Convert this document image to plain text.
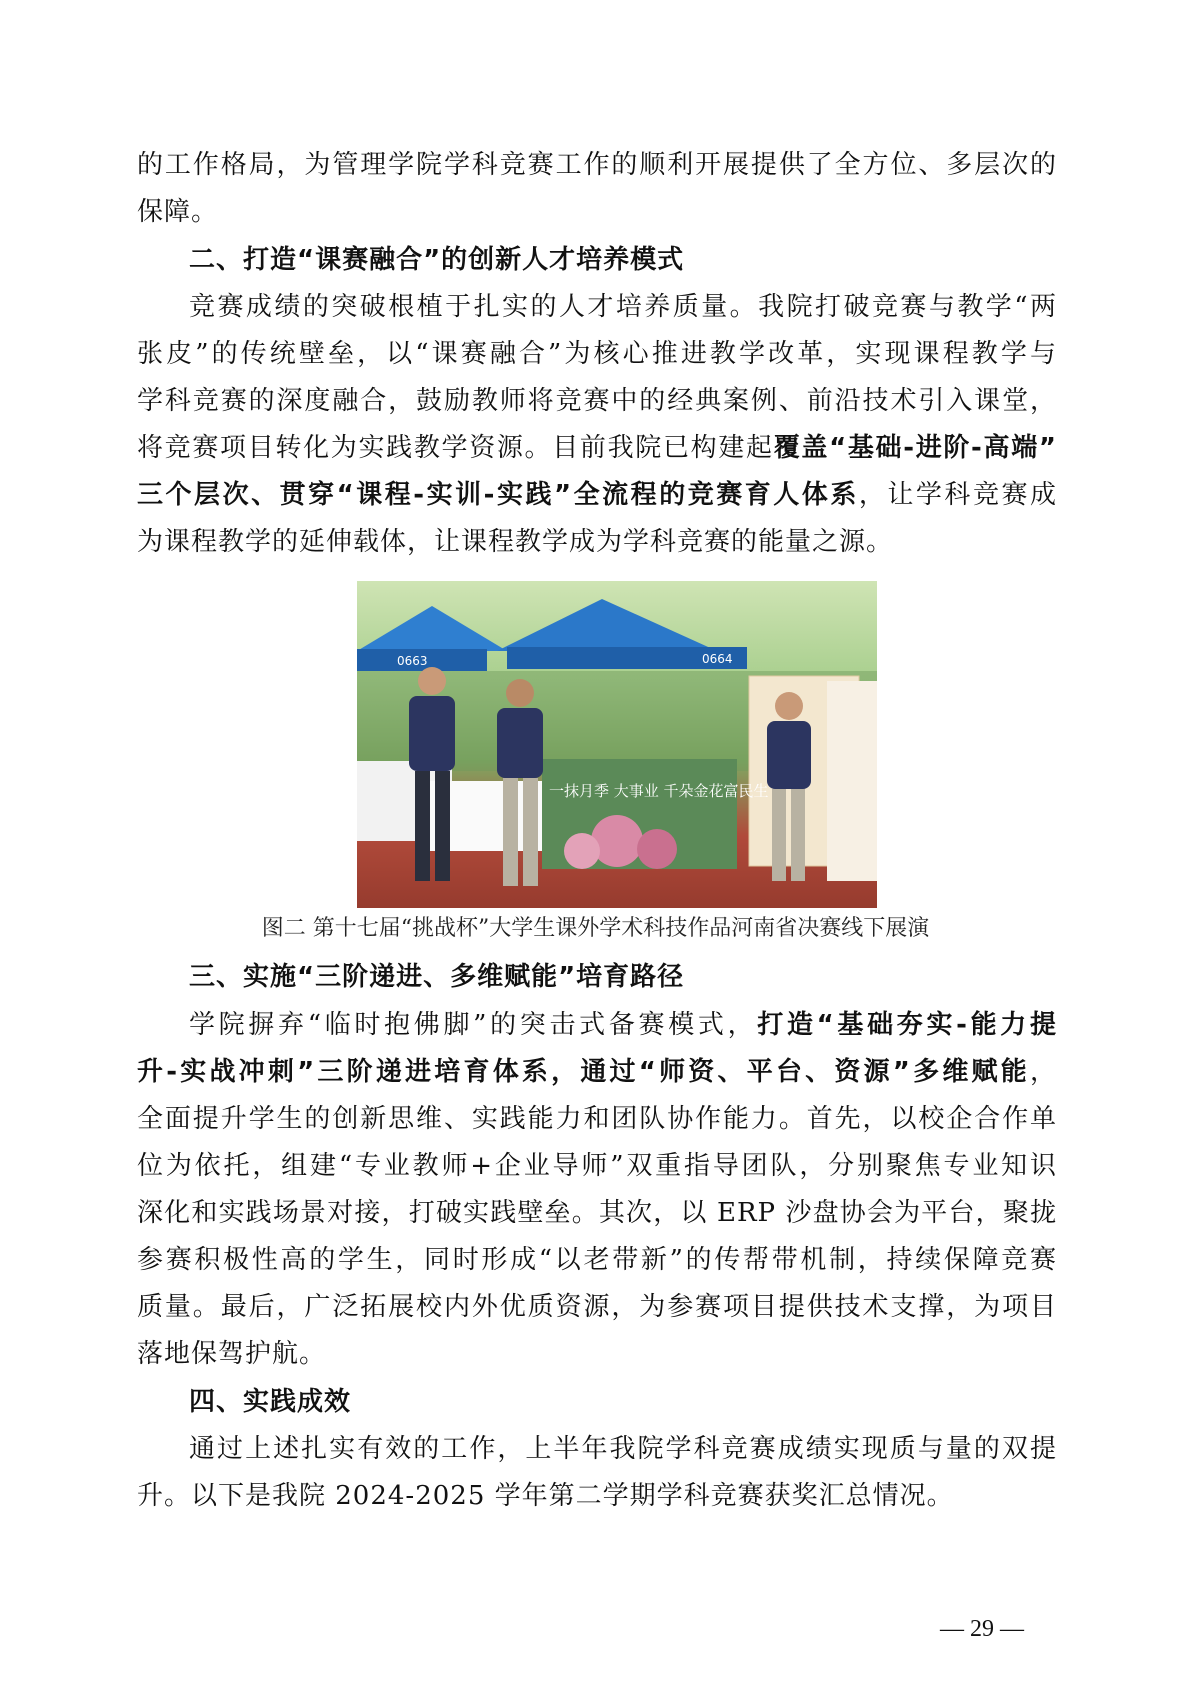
的工作格局，为管理学院学科竞赛工作的顺利开展提供了全方位、多层次的
保障。
二、打造“课赛融合”的创新人才培养模式
竞赛成绩的突破根植于扎实的人才培养质量。我院打破竞赛与教学“两
张皮”的传统壁垒，以“课赛融合”为核心推进教学改革，实现课程教学与
学科竞赛的深度融合，鼓励教师将竞赛中的经典案例、前沿技术引入课堂，
将竞赛项目转化为实践教学资源。目前我院已构建起覆盖“基础-进阶-高端”
三个层次、贯穿“课程-实训-实践”全流程的竞赛育人体系，让学科竞赛成
为课程教学的延伸载体，让课程教学成为学科竞赛的能量之源。
0663	0664
一抹月季 大事业 千朵金花富民生
图二 第十七届“挑战杯”大学生课外学术科技作品河南省决赛线下展演
三、实施“三阶递进、多维赋能”培育路径
学院摒弃“临时抱佛脚”的突击式备赛模式，打造“基础夯实-能力提
升-实战冲刺”三阶递进培育体系，通过“师资、平台、资源”多维赋能，
全面提升学生的创新思维、实践能力和团队协作能力。首先，以校企合作单
位为依托，组建“专业教师+企业导师”双重指导团队，分别聚焦专业知识
深化和实践场景对接，打破实践壁垒。其次，以 ERP 沙盘协会为平台，聚拢
参赛积极性高的学生，同时形成“以老带新”的传帮带机制，持续保障竞赛
质量。最后，广泛拓展校内外优质资源，为参赛项目提供技术支撑，为项目
落地保驾护航。
四、实践成效
通过上述扎实有效的工作，上半年我院学科竞赛成绩实现质与量的双提
升。以下是我院 2024-2025 学年第二学期学科竞赛获奖汇总情况。
— 29 —
